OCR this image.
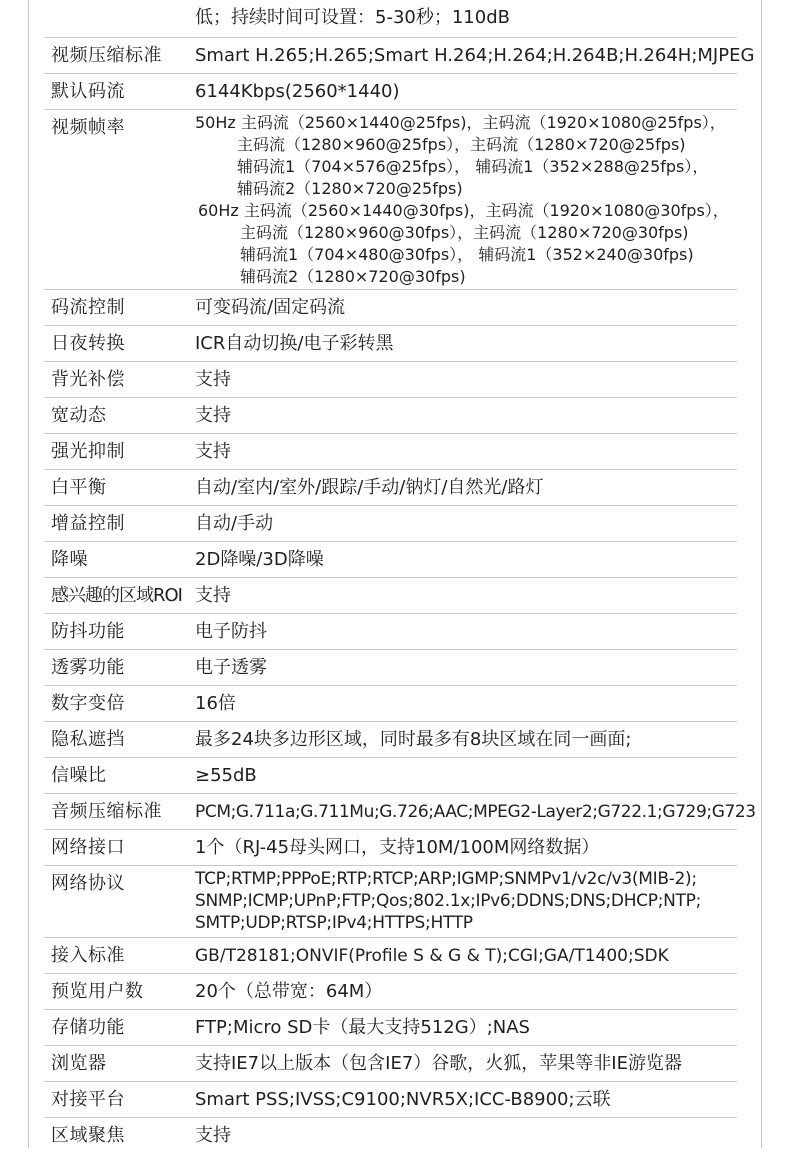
低；持续时间可设置：5-30秒；110dB
视频压缩标准	Smart H.265;H.265;Smart H.264;H.264;H.264B;H.264H;MJPEG
默认码流	6144Kbps(2560*1440)
视频帧率	50Hz 主码流（2560×1440@25fps)，主码流（1920×1080@25fps），
主码流（1280×960@25fps），主码流（1280×720@25fps)
辅码流1（704×576@25fps）， 辅码流1（352×288@25fps），
辅码流2（1280×720@25fps)
60Hz 主码流（2560×1440@30fps)，主码流（1920×1080@30fps），
主码流（1280×960@30fps），主码流（1280×720@30fps)
辅码流1（704×480@30fps）， 辅码流1（352×240@30fps)
辅码流2（1280×720@30fps)
码流控制	可变码流/固定码流
日夜转换	ICR自动切换/电子彩转黑
背光补偿	支持
宽动态	支持
强光抑制	支持
白平衡	自动/室内/室外/跟踪/手动/钠灯/自然光/路灯
增益控制	自动/手动
降噪	2D降噪/3D降噪
感兴趣的区域ROI 支持
防抖功能	电子防抖
透雾功能	电子透雾
数字变倍	16倍
隐私遮挡	最多24块多边形区域，同时最多有8块区域在同一画面;
信噪比	≥55dB
音频压缩标准	PCM;G.711a;G.711Mu;G.726;AAC;MPEG2-Layer2;G722.1;G729;G723
网络接口	1个（RJ-45母头网口，支持10M/100M网络数据）
网络协议	TCP;RTMP;PPPoE;RTP;RTCP;ARP;IGMP;SNMPv1/v2c/v3(MIB-2);
SNMP;ICMP;UPnP;FTP;Qos;802.1x;IPv6;DDNS;DNS;DHCP;NTP;
SMTP;UDP;RTSP;IPv4;HTTPS;HTTP
接入标准	GB/T28181;ONVIF(Profile S & G & T);CGI;GA/T1400;SDK
预览用户数	20个（总带宽：64M）
存储功能	FTP;Micro SD卡（最大支持512G）;NAS
浏览器	支持IE7以上版本（包含IE7）谷歌，火狐，苹果等非IE游览器
对接平台	Smart PSS;IVSS;C9100;NVR5X;ICC-B8900;云联
区域聚焦	支持
